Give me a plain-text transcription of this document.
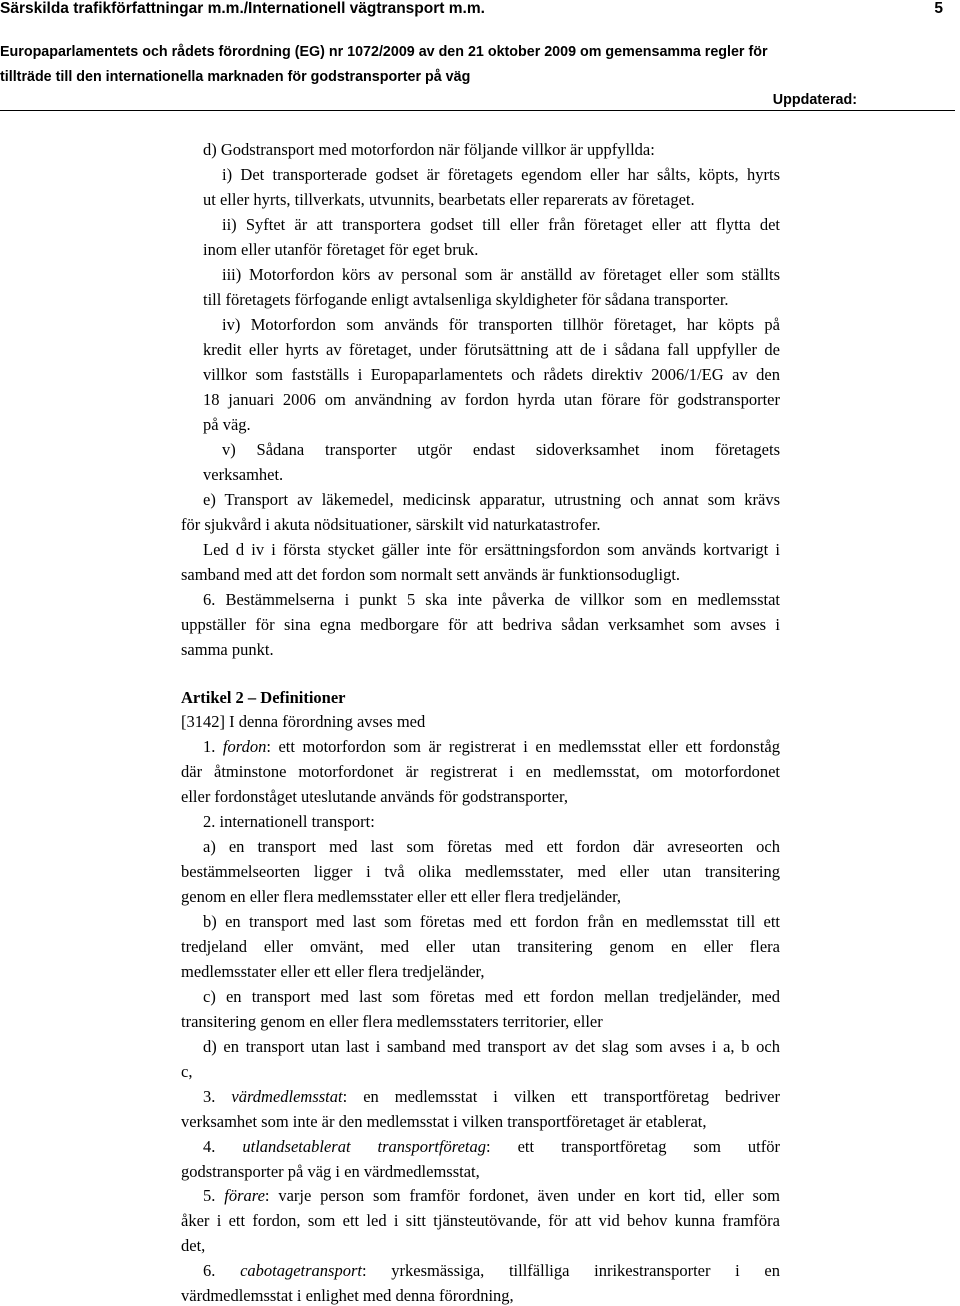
Särskilda trafikförfattningar m.m./Internationell vägtransport m.m.	5
Europaparlamentets och rådets förordning (EG) nr 1072/2009 av den 21 oktober 2009 om gemensamma regler för
tillträde till den internationella marknaden för godstransporter på väg
Uppdaterad:
d) Godstransport med motorfordon när följande villkor är uppfyllda:
i) Det transporterade godset är företagets egendom eller har sålts, köpts, hyrts
ut eller hyrts, tillverkats, utvunnits, bearbetats eller reparerats av företaget.
ii) Syftet är att transportera godset till eller från företaget eller att flytta det
inom eller utanför företaget för eget bruk.
iii) Motorfordon körs av personal som är anställd av företaget eller som ställts
till företagets förfogande enligt avtalsenliga skyldigheter för sådana transporter.
iv) Motorfordon som används för transporten tillhör företaget, har köpts på
kredit eller hyrts av företaget, under förutsättning att de i sådana fall uppfyller de
villkor som fastställs i Europaparlamentets och rådets direktiv 2006/1/EG av den
18 januari 2006 om användning av fordon hyrda utan förare för godstransporter
på väg.
v) Sådana transporter utgör endast sidoverksamhet inom företagets
verksamhet.
e) Transport av läkemedel, medicinsk apparatur, utrustning och annat som krävs
för sjukvård i akuta nödsituationer, särskilt vid naturkatastrofer.
Led d iv i första stycket gäller inte för ersättningsfordon som används kortvarigt i
samband med att det fordon som normalt sett används är funktionsodugligt.
6. Bestämmelserna i punkt 5 ska inte påverka de villkor som en medlemsstat
uppställer för sina egna medborgare för att bedriva sådan verksamhet som avses i
samma punkt.
Artikel 2 – Definitioner
[3142] I denna förordning avses med
1. fordon: ett motorfordon som är registrerat i en medlemsstat eller ett fordonståg
där åtminstone motorfordonet är registrerat i en medlemsstat, om motorfordonet
eller fordonståget uteslutande används för godstransporter,
2. internationell transport:
a) en transport med last som företas med ett fordon där avreseorten och
bestämmelseorten ligger i två olika medlemsstater, med eller utan transitering
genom en eller flera medlemsstater eller ett eller flera tredjeländer,
b) en transport med last som företas med ett fordon från en medlemsstat till ett
tredjeland eller omvänt, med eller utan transitering genom en eller flera
medlemsstater eller ett eller flera tredjeländer,
c) en transport med last som företas med ett fordon mellan tredjeländer, med
transitering genom en eller flera medlemsstaters territorier, eller
d) en transport utan last i samband med transport av det slag som avses i a, b och
c,
3. värdmedlemsstat: en medlemsstat i vilken ett transportföretag bedriver
verksamhet som inte är den medlemsstat i vilken transportföretaget är etablerat,
4. utlandsetablerat transportföretag: ett transportföretag som utför
godstransporter på väg i en värdmedlemsstat,
5. förare: varje person som framför fordonet, även under en kort tid, eller som
åker i ett fordon, som ett led i sitt tjänsteutövande, för att vid behov kunna framföra
det,
6. cabotagetransport: yrkesmässiga, tillfälliga inrikestransporter i en
värdmedlemsstat i enlighet med denna förordning,
